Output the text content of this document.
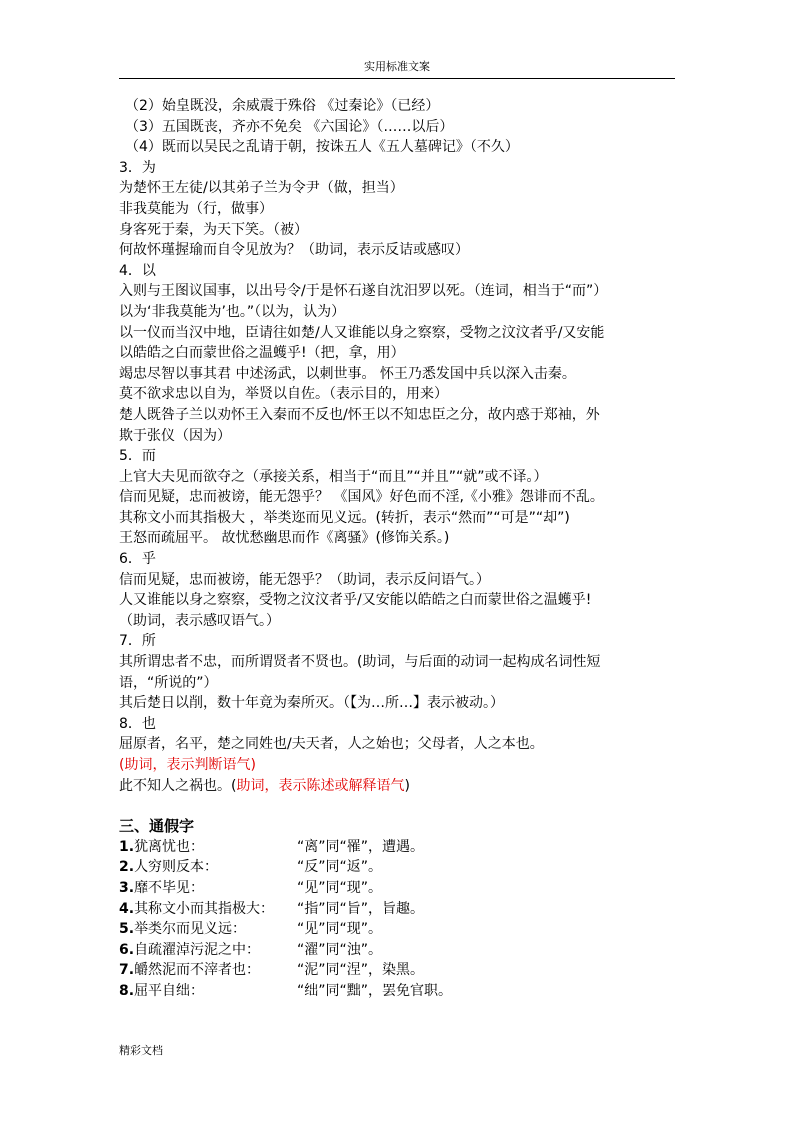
实用标准文案
（2）始皇既没，余威震于殊俗 《过秦论》（已经）
（3）五国既丧，齐亦不免矣 《六国论》（……以后）
（4）既而以吴民之乱请于朝，按诛五人《五人墓碑记》（不久）
3．为
为楚怀王左徒/以其弟子兰为令尹（做，担当）
非我莫能为（行，做事）
身客死于秦，为天下笑。（被）
何故怀瑾握瑜而自令见放为？（助词，表示反诘或感叹）
4．以
入则与王图议国事，以出号令/于是怀石遂自沈汨罗以死。（连词，相当于“而”）
以为‘非我莫能为’也。”（以为，认为）
以一仪而当汉中地，臣请往如楚/人又谁能以身之察察，受物之汶汶者乎/又安能
以皓皓之白而蒙世俗之温蠖乎!（把，拿，用）
竭忠尽智以事其君 中述汤武，以刺世事。 怀王乃悉发国中兵以深入击秦。
莫不欲求忠以自为，举贤以自佐。（表示目的，用来）
楚人既咎子兰以劝怀王入秦而不反也/怀王以不知忠臣之分，故内惑于郑袖，外
欺于张仪（因为）
5．而
上官大夫见而欲夺之（承接关系，相当于“而且”“并且”“就”或不译。）
信而见疑，忠而被谤，能无怨乎？ 《国风》好色而不淫,《小雅》怨诽而不乱。
其称文小而其指极大 ，举类迩而见义远。(转折，表示“然而”“可是”“却”)
王怒而疏屈平。 故忧愁幽思而作《离骚》(修饰关系。)
6．乎
信而见疑，忠而被谤，能无怨乎？（助词，表示反问语气。）
人又谁能以身之察察，受物之汶汶者乎/又安能以皓皓之白而蒙世俗之温蠖乎!
（助词，表示感叹语气。）
7．所
其所谓忠者不忠，而所谓贤者不贤也。(助词，与后面的动词一起构成名词性短
语，“所说的”）
其后楚日以削，数十年竟为秦所灭。（【为…所…】表示被动。）
8．也
屈原者，名平，楚之同姓也/夫天者，人之始也；父母者，人之本也。
(助词，表示判断语气)
此不知人之祸也。(助词，表示陈述或解释语气)
三、通假字
1.犹离忧也：	“离”同“罹”，遭遇。
2.人穷则反本：	“反”同“返”。
3.靡不毕见：	“见”同“现”。
4.其称文小而其指极大：	“指”同“旨”，旨趣。
5.举类尔而见义远：	“见”同“现”。
6.自疏濯淖污泥之中：	“濯”同“浊”。
7.皭然泥而不滓者也：	“泥”同“涅”，染黑。
8.屈平自绌：	“绌”同“黜”，罢免官职。
精彩文档
